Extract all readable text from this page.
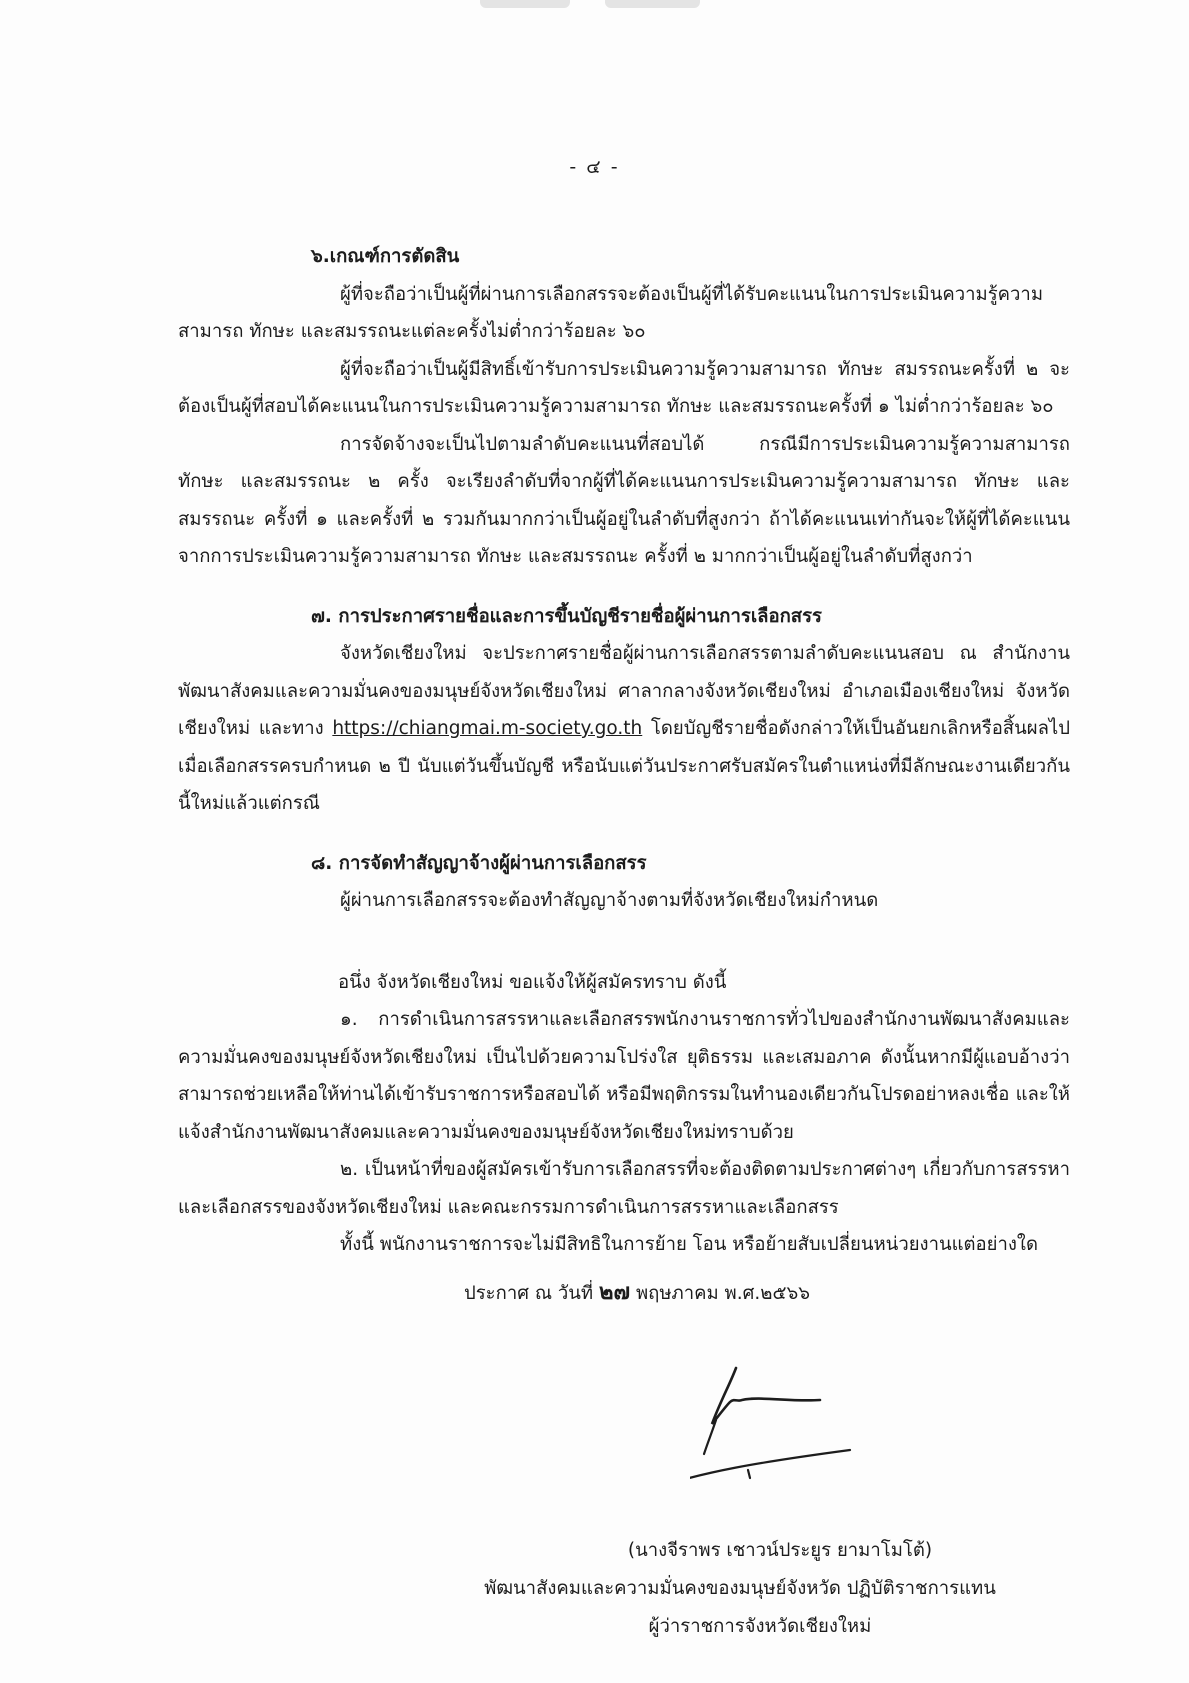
- ๔ -

๖.เกณฑ์การตัดสิน

ผู้ที่จะถือว่าเป็นผู้ที่ผ่านการเลือกสรรจะต้องเป็นผู้ที่ได้รับคะแนนในการประเมินความรู้ความสามารถ ทักษะ และสมรรถนะแต่ละครั้งไม่ต่ำกว่าร้อยละ ๖๐

ผู้ที่จะถือว่าเป็นผู้มีสิทธิ์เข้ารับการประเมินความรู้ความสามารถ ทักษะ สมรรถนะครั้งที่ ๒ จะต้องเป็นผู้ที่สอบได้คะแนนในการประเมินความรู้ความสามารถ ทักษะ และสมรรถนะครั้งที่ ๑ ไม่ต่ำกว่าร้อยละ ๖๐

การจัดจ้างจะเป็นไปตามลำดับคะแนนที่สอบได้ กรณีมีการประเมินความรู้ความสามารถ ทักษะ และสมรรถนะ ๒ ครั้ง จะเรียงลำดับที่จากผู้ที่ได้คะแนนการประเมินความรู้ความสามารถ ทักษะ และสมรรถนะ ครั้งที่ ๑ และครั้งที่ ๒ รวมกันมากกว่าเป็นผู้อยู่ในลำดับที่สูงกว่า ถ้าได้คะแนนเท่ากันจะให้ผู้ที่ได้คะแนนจากการประเมินความรู้ความสามารถ ทักษะ และสมรรถนะ ครั้งที่ ๒ มากกว่าเป็นผู้อยู่ในลำดับที่สูงกว่า

๗. การประกาศรายชื่อและการขึ้นบัญชีรายชื่อผู้ผ่านการเลือกสรร

จังหวัดเชียงใหม่ จะประกาศรายชื่อผู้ผ่านการเลือกสรรตามลำดับคะแนนสอบ ณ สำนักงานพัฒนาสังคมและความมั่นคงของมนุษย์จังหวัดเชียงใหม่ ศาลากลางจังหวัดเชียงใหม่ อำเภอเมืองเชียงใหม่ จังหวัดเชียงใหม่ และทาง https://chiangmai.m-society.go.th โดยบัญชีรายชื่อดังกล่าวให้เป็นอันยกเลิกหรือสิ้นผลไปเมื่อเลือกสรรครบกำหนด ๒ ปี นับแต่วันขึ้นบัญชี หรือนับแต่วันประกาศรับสมัครในตำแหน่งที่มีลักษณะงานเดียวกันนี้ใหม่แล้วแต่กรณี

๘. การจัดทำสัญญาจ้างผู้ผ่านการเลือกสรร

ผู้ผ่านการเลือกสรรจะต้องทำสัญญาจ้างตามที่จังหวัดเชียงใหม่กำหนด

อนึ่ง จังหวัดเชียงใหม่ ขอแจ้งให้ผู้สมัครทราบ ดังนี้

๑. การดำเนินการสรรหาและเลือกสรรพนักงานราชการทั่วไปของสำนักงานพัฒนาสังคมและความมั่นคงของมนุษย์จังหวัดเชียงใหม่ เป็นไปด้วยความโปร่งใส ยุติธรรม และเสมอภาค ดังนั้นหากมีผู้แอบอ้างว่าสามารถช่วยเหลือให้ท่านได้เข้ารับราชการหรือสอบได้ หรือมีพฤติกรรมในทำนองเดียวกันโปรดอย่าหลงเชื่อ และให้แจ้งสำนักงานพัฒนาสังคมและความมั่นคงของมนุษย์จังหวัดเชียงใหม่ทราบด้วย

๒. เป็นหน้าที่ของผู้สมัครเข้ารับการเลือกสรรที่จะต้องติดตามประกาศต่างๆ เกี่ยวกับการสรรหาและเลือกสรรของจังหวัดเชียงใหม่ และคณะกรรมการดำเนินการสรรหาและเลือกสรร

ทั้งนี้ พนักงานราชการจะไม่มีสิทธิในการย้าย โอน หรือย้ายสับเปลี่ยนหน่วยงานแต่อย่างใด

ประกาศ ณ วันที่ ๒๗ พฤษภาคม พ.ศ.๒๕๖๖

(นางจีราพร เชาวน์ประยูร ยามาโมโต้)
พัฒนาสังคมและความมั่นคงของมนุษย์จังหวัด ปฏิบัติราชการแทน
ผู้ว่าราชการจังหวัดเชียงใหม่
